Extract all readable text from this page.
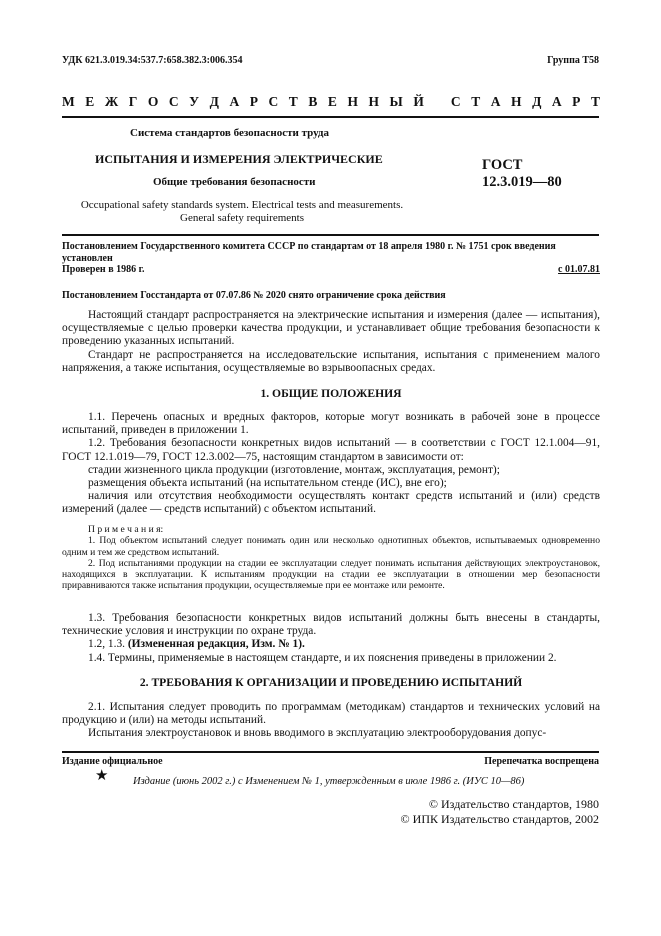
УДК 621.3.019.34:537.7:658.382.3:006.354	Группа Т58
М Е Ж Г О С У Д А Р С Т В Е Н Н Ы Й С Т А Н Д А Р Т
Система стандартов безопасности труда
ИСПЫТАНИЯ И ИЗМЕРЕНИЯ ЭЛЕКТРИЧЕСКИЕ
Общие требования безопасности
Occupational safety standards system. Electrical tests and measurements.
General safety requirements
ГОСТ
12.3.019—80
Постановлением Государственного комитета СССР по стандартам от 18 апреля 1980 г. № 1751 срок введения
установлен
Проверен в 1986 г.	с 01.07.81
Постановлением Госстандарта от 07.07.86 № 2020 снято ограничение срока действия

Настоящий стандарт распространяется на электрические испытания и измерения (далее — испытания), осуществляемые с целью проверки качества продукции, и устанавливает общие требования безопасности к проведению указанных испытаний.

Стандарт не распространяется на исследовательские испытания, испытания с применением малого напряжения, а также испытания, осуществляемые во взрывоопасных средах.

1. ОБЩИЕ ПОЛОЖЕНИЯ

1.1. Перечень опасных и вредных факторов, которые могут возникать в рабочей зоне в процессе испытаний, приведен в приложении 1.

1.2. Требования безопасности конкретных видов испытаний — в соответствии с ГОСТ 12.1.004—91, ГОСТ 12.1.019—79, ГОСТ 12.3.002—75, настоящим стандартом в зависимости от:

стадии жизненного цикла продукции (изготовление, монтаж, эксплуатация, ремонт);

размещения объекта испытаний (на испытательном стенде (ИС), вне его);

наличия или отсутствия необходимости осуществлять контакт средств испытаний и (или) средств измерений (далее — средств испытаний) с объектом испытаний.

П р и м е ч а н и я:

1. Под объектом испытаний следует понимать один или несколько однотипных объектов, испытываемых одновременно одним и тем же средством испытаний.

2. Под испытаниями продукции на стадии ее эксплуатации следует понимать испытания действующих электроустановок, находящихся в эксплуатации. К испытаниям продукции на стадии ее эксплуатации в отношении мер безопасности приравниваются также испытания продукции, осуществляемые при ее монтаже или ремонте.

1.3. Требования безопасности конкретных видов испытаний должны быть внесены в стандарты, технические условия и инструкции по охране труда.

1.2, 1.3. (Измененная редакция, Изм. № 1).

1.4. Термины, применяемые в настоящем стандарте, и их пояснения приведены в приложении 2.

2. ТРЕБОВАНИЯ К ОРГАНИЗАЦИИ И ПРОВЕДЕНИЮ ИСПЫТАНИЙ

2.1. Испытания следует проводить по программам (методикам) стандартов и технических условий на продукцию и (или) на методы испытаний.

Испытания электроустановок и вновь вводимого в эксплуатацию электрооборудования допус-

Издание официальное	Перепечатка воспрещена
★ Издание (июнь 2002 г.) с Изменением № 1, утвержденным в июле 1986 г. (ИУС 10—86)
© Издательство стандартов, 1980
© ИПК Издательство стандартов, 2002
